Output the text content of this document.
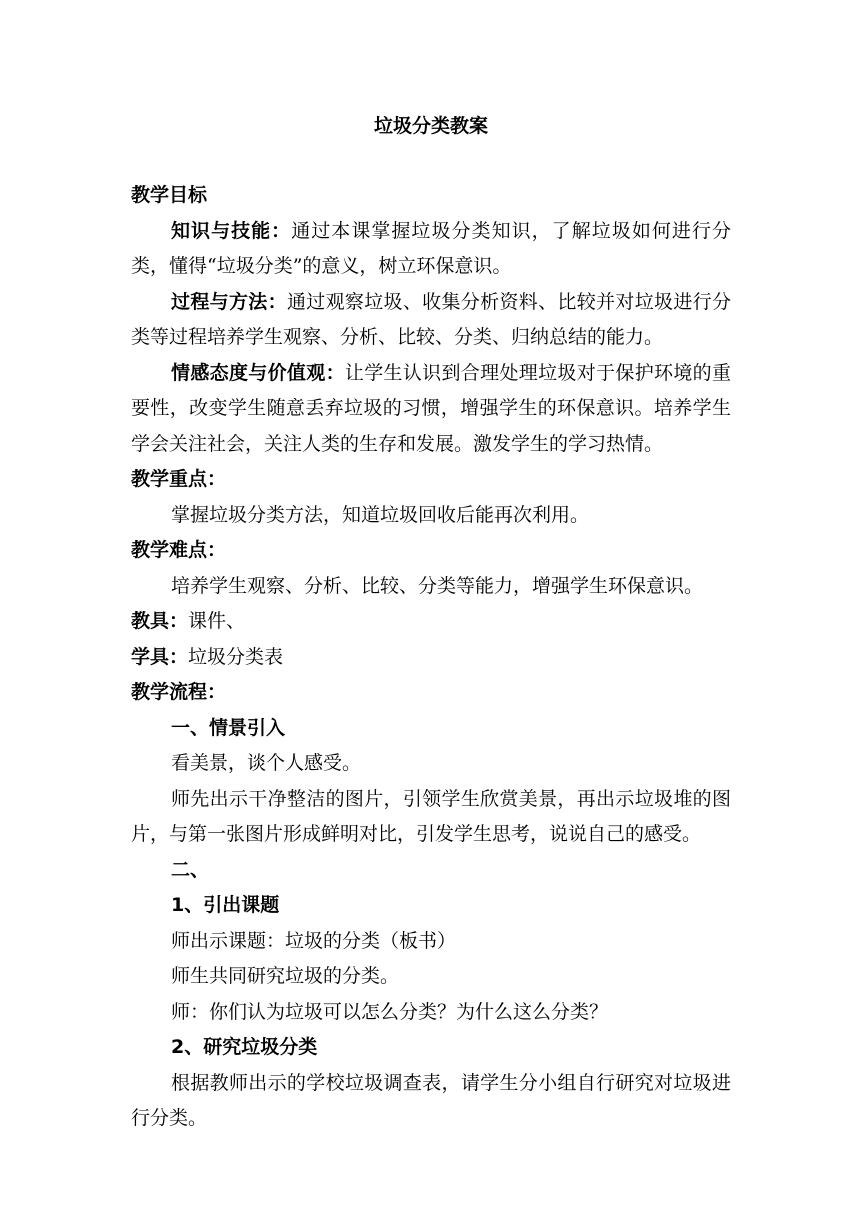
垃圾分类教案

教学目标

知识与技能：通过本课掌握垃圾分类知识，了解垃圾如何进行分类，懂得“垃圾分类”的意义，树立环保意识。

过程与方法：通过观察垃圾、收集分析资料、比较并对垃圾进行分类等过程培养学生观察、分析、比较、分类、归纳总结的能力。

情感态度与价值观：让学生认识到合理处理垃圾对于保护环境的重要性，改变学生随意丢弃垃圾的习惯，增强学生的环保意识。培养学生学会关注社会，关注人类的生存和发展。激发学生的学习热情。

教学重点：

掌握垃圾分类方法，知道垃圾回收后能再次利用。

教学难点：

培养学生观察、分析、比较、分类等能力，增强学生环保意识。

教具：课件、

学具：垃圾分类表

教学流程：

一、情景引入

看美景，谈个人感受。

师先出示干净整洁的图片，引领学生欣赏美景，再出示垃圾堆的图片，与第一张图片形成鲜明对比，引发学生思考，说说自己的感受。

二、

1、引出课题

师出示课题：垃圾的分类（板书）

师生共同研究垃圾的分类。

师：你们认为垃圾可以怎么分类？为什么这么分类？

2、研究垃圾分类

根据教师出示的学校垃圾调查表，请学生分小组自行研究对垃圾进行分类。
